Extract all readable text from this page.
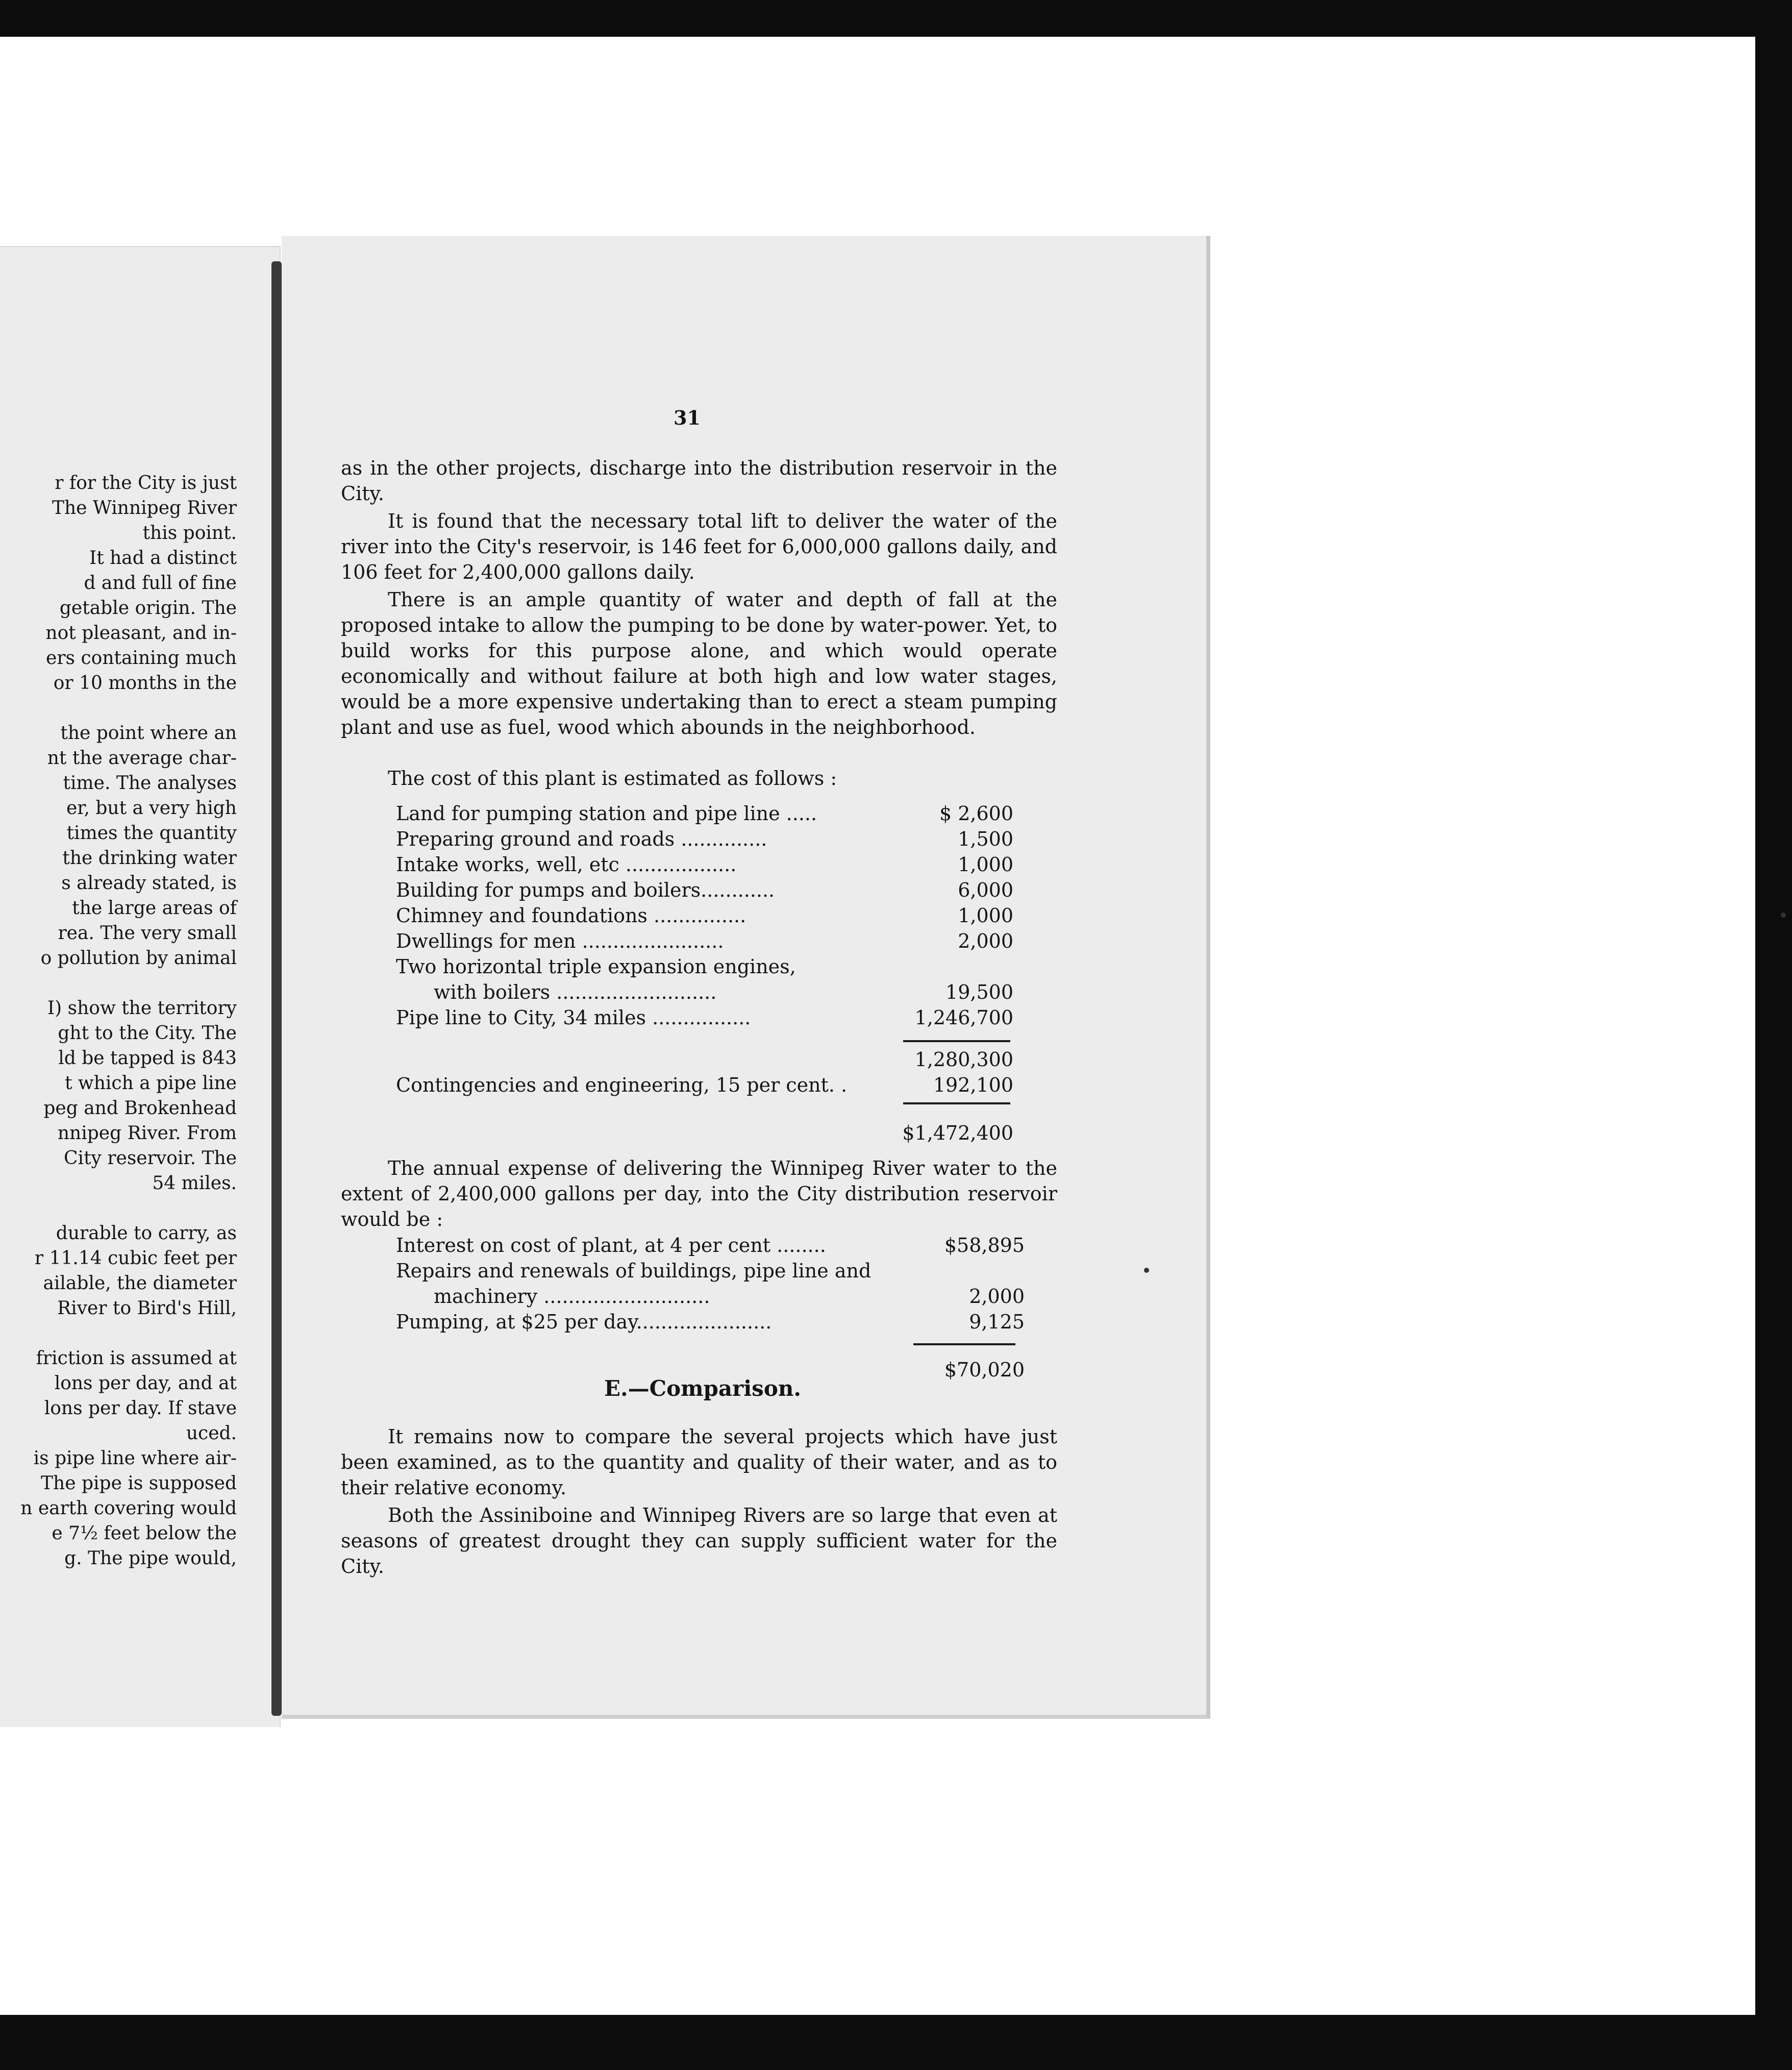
r for the City is just
The Winnipeg River
this point.
It had a distinct
d and full of fine
getable origin. The
not pleasant, and in-
ers containing much
or 10 months in the
the point where an
nt the average char-
time. The analyses
er, but a very high
times the quantity
the drinking water
s already stated, is
the large areas of
rea. The very small
o pollution by animal
I) show the territory
ght to the City. The
ld be tapped is 843
t which a pipe line
peg and Brokenhead
nnipeg River. From
City reservoir. The
54 miles.
durable to carry, as
r 11.14 cubic feet per
ailable, the diameter
River to Bird's Hill,
friction is assumed at
lons per day, and at
lons per day. If stave
uced.
is pipe line where air-
The pipe is supposed
n earth covering would
e 7½ feet below the
g. The pipe would,
31
as in the other projects, discharge into the distribution reservoir in the City.
It is found that the necessary total lift to deliver the water of the river into the City's reservoir, is 146 feet for 6,000,000 gallons daily, and 106 feet for 2,400,000 gallons daily.
There is an ample quantity of water and depth of fall at the proposed intake to allow the pumping to be done by water-power. Yet, to build works for this purpose alone, and which would operate economically and without failure at both high and low water stages, would be a more expensive undertaking than to erect a steam pumping plant and use as fuel, wood which abounds in the neighborhood.
The cost of this plant is estimated as follows :
Land for pumping station and pipe line .....	$ 2,600
Preparing ground and roads ..............	1,500
Intake works, well, etc ..................	1,000
Building for pumps and boilers............	6,000
Chimney and foundations ...............	1,000
Dwellings for men .......................	2,000
Two horizontal triple expansion engines,
with boilers ..........................	19,500
Pipe line to City, 34 miles ................	1,246,700
1,280,300
Contingencies and engineering, 15 per cent. .	192,100
$1,472,400
The annual expense of delivering the Winnipeg River water to the extent of 2,400,000 gallons per day, into the City distribution reservoir would be :
Interest on cost of plant, at 4 per cent ........	$58,895
Repairs and renewals of buildings, pipe line and
machinery ...........................	2,000
Pumping, at $25 per day......................	9,125
$70,020
E.—Comparison.
It remains now to compare the several projects which have just been examined, as to the quantity and quality of their water, and as to their relative economy.
Both the Assiniboine and Winnipeg Rivers are so large that even at seasons of greatest drought they can supply sufficient water for the City.
